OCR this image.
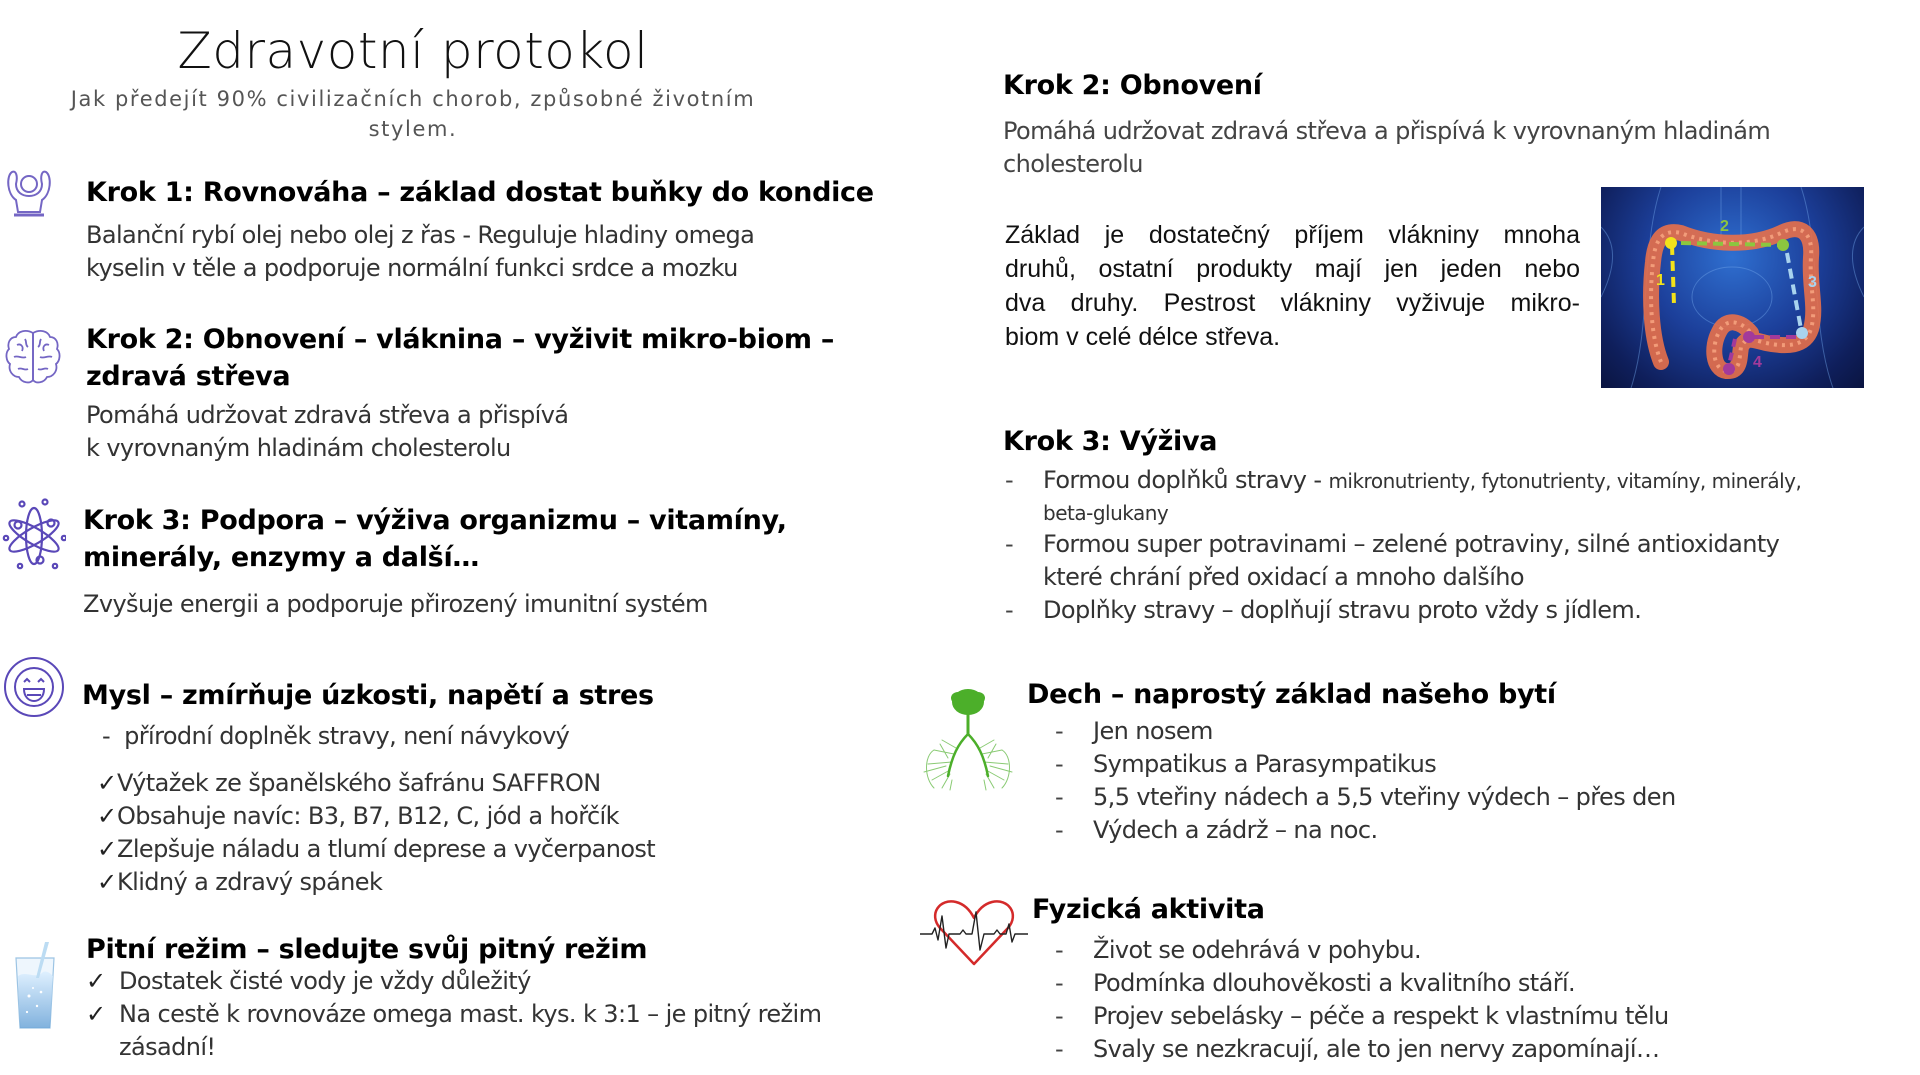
Zdravotní protokol
Jak předejít 90% civilizačních chorob, způsobné životním
stylem.
Krok 1: Rovnováha – základ dostat buňky do kondice
Balanční rybí olej nebo olej z řas - Reguluje hladiny omega
kyselin v těle a podporuje normální funkci srdce a mozku
Krok 2: Obnovení – vláknina – vyživit mikro-biom –
zdravá střeva
Pomáhá udržovat zdravá střeva a přispívá
k vyrovnaným hladinám cholesterolu
Krok 3: Podpora – výživa organizmu – vitamíny,
minerály, enzymy a další…
Zvyšuje energii a podporuje přirozený imunitní systém
Mysl – zmírňuje úzkosti, napětí a stres
- přírodní doplněk stravy, není návykový
✓Výtažek ze španělského šafránu SAFFRON
✓Obsahuje navíc: B3, B7, B12, C, jód a hořčík
✓Zlepšuje náladu a tlumí deprese a vyčerpanost
✓Klidný a zdravý spánek
Pitní režim – sledujte svůj pitný režim
✓ Dostatek čisté vody je vždy důležitý
✓ Na cestě k rovnováze omega mast. kys. k 3:1 – je pitný režim
zásadní!
Krok 2: Obnovení
Pomáhá udržovat zdravá střeva a přispívá k vyrovnaným hladinám
cholesterolu
Základ je dostatečný příjem vlákniny mnoha
druhů, ostatní produkty mají jen jeden nebo
dva druhy. Pestrost vlákniny vyživuje mikro-
biom v celé délce střeva.
1
2
3
4
Krok 3: Výživa
- Formou doplňků stravy - mikronutrienty, fytonutrienty, vitamíny, minerály,
beta-glukany
- Formou super potravinami – zelené potraviny, silné antioxidanty
které chrání před oxidací a mnoho dalšího
- Doplňky stravy – doplňují stravu proto vždy s jídlem.
Dech – naprostý základ našeho bytí
- Jen nosem
- Sympatikus a Parasympatikus
- 5,5 vteřiny nádech a 5,5 vteřiny výdech – přes den
- Výdech a zádrž – na noc.
Fyzická aktivita
- Život se odehrává v pohybu.
- Podmínka dlouhověkosti a kvalitního stáří.
- Projev sebelásky – péče a respekt k vlastnímu tělu
- Svaly se nezkracují, ale to jen nervy zapomínají…
